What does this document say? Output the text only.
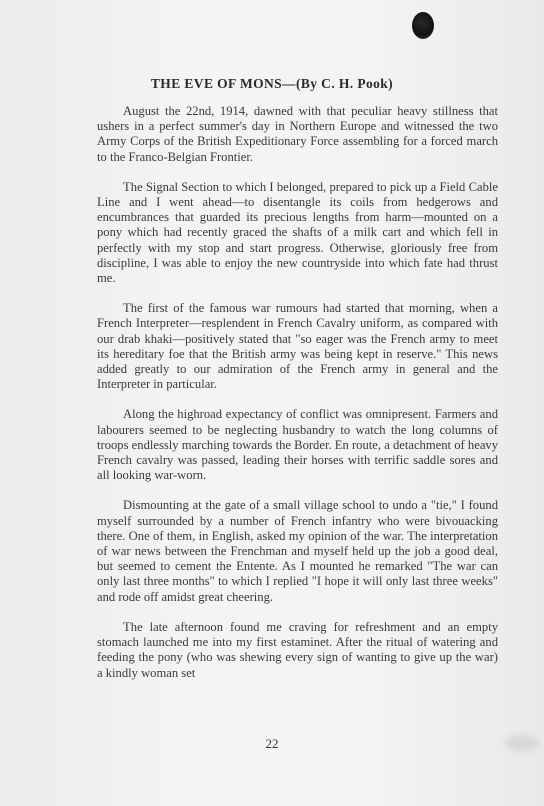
THE EVE OF MONS—(By C. H. Pook)

August the 22nd, 1914, dawned with that peculiar heavy stillness that ushers in a perfect summer's day in Northern Europe and witnessed the two Army Corps of the British Expeditionary Force assembling for a forced march to the Franco-Belgian Frontier.

The Signal Section to which I belonged, prepared to pick up a Field Cable Line and I went ahead—to disentangle its coils from hedgerows and encumbrances that guarded its precious lengths from harm—mounted on a pony which had recently graced the shafts of a milk cart and which fell in perfectly with my stop and start progress. Otherwise, gloriously free from discipline, I was able to enjoy the new countryside into which fate had thrust me.

The first of the famous war rumours had started that morning, when a French Interpreter—resplendent in French Cavalry uniform, as compared with our drab khaki—positively stated that "so eager was the French army to meet its hereditary foe that the British army was being kept in reserve." This news added greatly to our admiration of the French army in general and the Interpreter in particular.

Along the highroad expectancy of conflict was omnipresent. Farmers and labourers seemed to be neglecting husbandry to watch the long columns of troops endlessly marching towards the Border. En route, a detachment of heavy French cavalry was passed, leading their horses with terrific saddle sores and all looking war-worn.

Dismounting at the gate of a small village school to undo a "tie," I found myself surrounded by a number of French infantry who were bivouacking there. One of them, in English, asked my opinion of the war. The interpretation of war news between the Frenchman and myself held up the job a good deal, but seemed to cement the Entente. As I mounted he remarked "The war can only last three months" to which I replied "I hope it will only last three weeks" and rode off amidst great cheering.

The late afternoon found me craving for refreshment and an empty stomach launched me into my first estaminet. After the ritual of watering and feeding the pony (who was shewing every sign of wanting to give up the war) a kindly woman set

22
